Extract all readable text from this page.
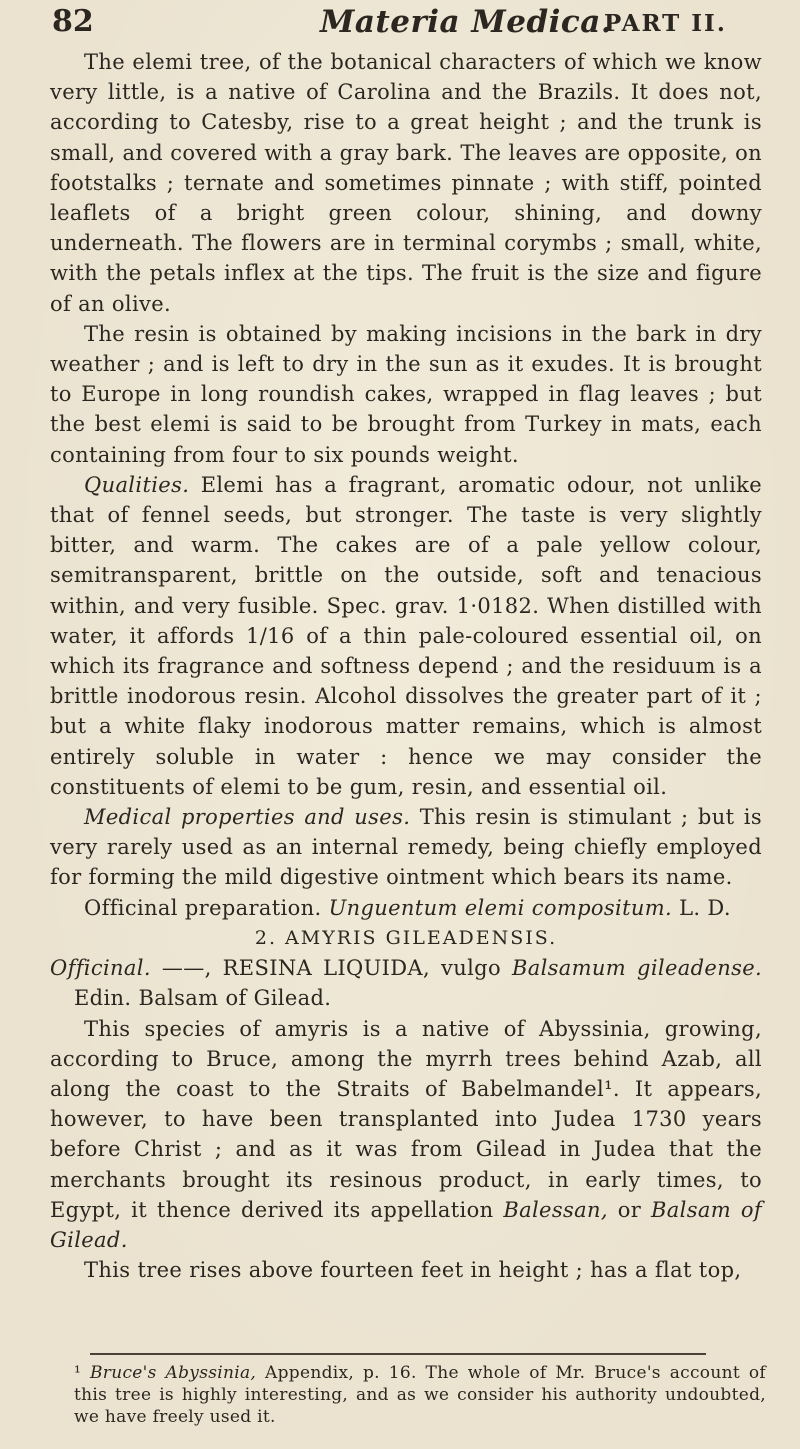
82	Materia Medica.
PART II.

The elemi tree, of the botanical characters of which we know very little, is a native of Carolina and the Brazils. It does not, according to Catesby, rise to a great height ; and the trunk is small, and covered with a gray bark. The leaves are opposite, on footstalks ; ternate and sometimes pinnate ; with stiff, pointed leaflets of a bright green colour, shining, and downy underneath. The flowers are in terminal corymbs ; small, white, with the petals inflex at the tips. The fruit is the size and figure of an olive.

The resin is obtained by making incisions in the bark in dry weather ; and is left to dry in the sun as it exudes. It is brought to Europe in long roundish cakes, wrapped in flag leaves ; but the best elemi is said to be brought from Turkey in mats, each containing from four to six pounds weight.

Qualities. Elemi has a fragrant, aromatic odour, not unlike that of fennel seeds, but stronger. The taste is very slightly bitter, and warm. The cakes are of a pale yellow colour, semitransparent, brittle on the outside, soft and tenacious within, and very fusible. Spec. grav. 1·0182. When distilled with water, it affords 1/16 of a thin pale-coloured essential oil, on which its fragrance and softness depend ; and the residuum is a brittle inodorous resin. Alcohol dissolves the greater part of it ; but a white flaky inodorous matter remains, which is almost entirely soluble in water : hence we may consider the constituents of elemi to be gum, resin, and essential oil.

Medical properties and uses. This resin is stimulant ; but is very rarely used as an internal remedy, being chiefly employed for forming the mild digestive ointment which bears its name.

Officinal preparation. Unguentum elemi compositum. L. D.

2. AMYRIS GILEADENSIS.

Officinal. ——, RESINA LIQUIDA, vulgo Balsamum gileadense. Edin. Balsam of Gilead.

This species of amyris is a native of Abyssinia, growing, according to Bruce, among the myrrh trees behind Azab, all along the coast to the Straits of Babelmandel¹. It appears, however, to have been transplanted into Judea 1730 years before Christ ; and as it was from Gilead in Judea that the merchants brought its resinous product, in early times, to Egypt, it thence derived its appellation Balessan, or Balsam of Gilead.

This tree rises above fourteen feet in height ; has a flat top,

¹ Bruce's Abyssinia, Appendix, p. 16. The whole of Mr. Bruce's account of this tree is highly interesting, and as we consider his authority undoubted, we have freely used it.
